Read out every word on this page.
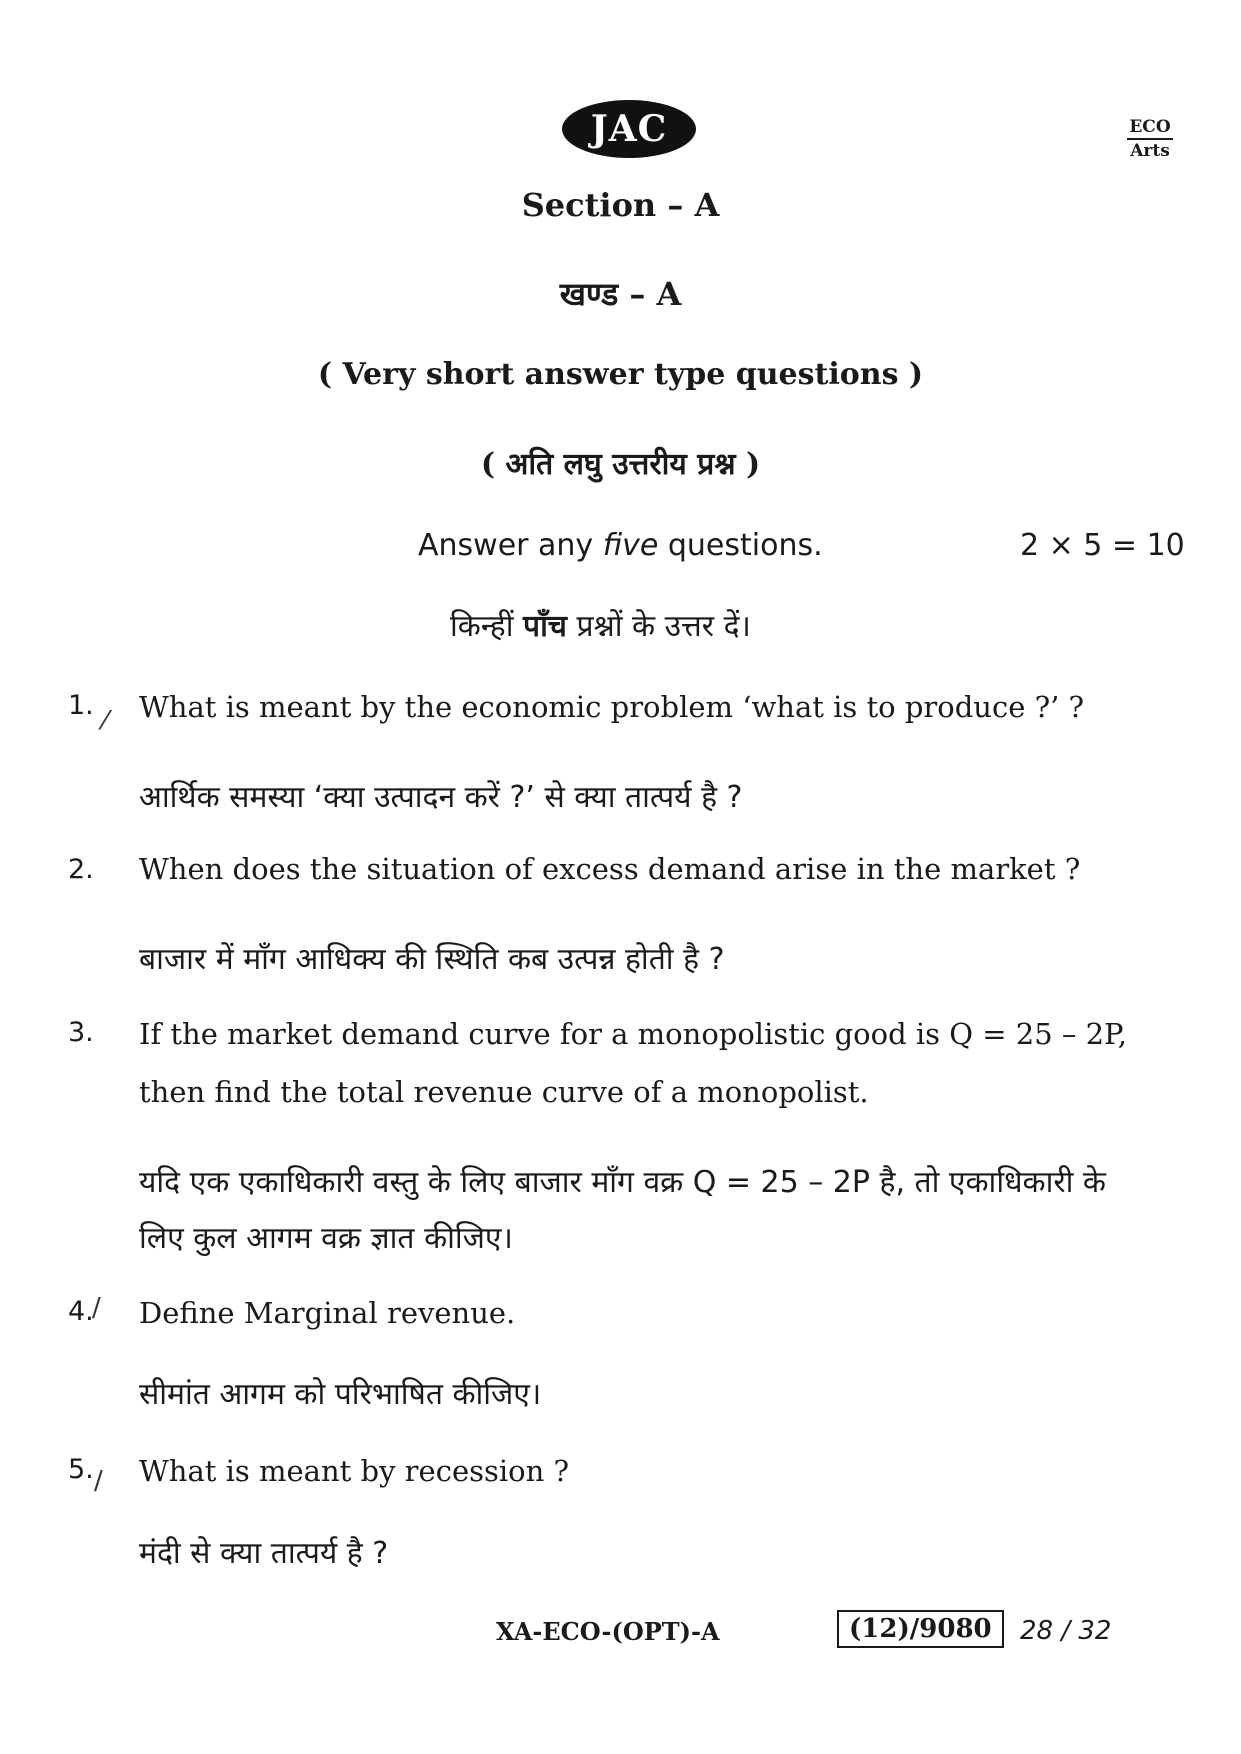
JAC	ECO
Arts
Section – A
खण्ड – A
( Very short answer type questions )
( अति लघु उत्तरीय प्रश्न )
Answer any five questions.	2 × 5 = 10
किन्हीं पाँच प्रश्नों के उत्तर दें।
1. ⁄ What is meant by the economic problem ‘what is to produce ?’ ?
आर्थिक समस्या ‘क्या उत्पादन करें ?’ से क्या तात्पर्य है ?
2. When does the situation of excess demand arise in the market ?
बाजार में माँग आधिक्य की स्थिति कब उत्पन्न होती है ?
3. If the market demand curve for a monopolistic good is Q = 25 – 2P,
then find the total revenue curve of a monopolist.
यदि एक एकाधिकारी वस्तु के लिए बाजार माँग वक्र Q = 25 – 2P है, तो एकाधिकारी के
लिए कुल आगम वक्र ज्ञात कीजिए।
4.
/ Define Marginal revenue.
सीमांत आगम को परिभाषित कीजिए।
5. / What is meant by recession ?
मंदी से क्या तात्पर्य है ?
XA-ECO-(OPT)-A	(12)/9080	28 / 32
